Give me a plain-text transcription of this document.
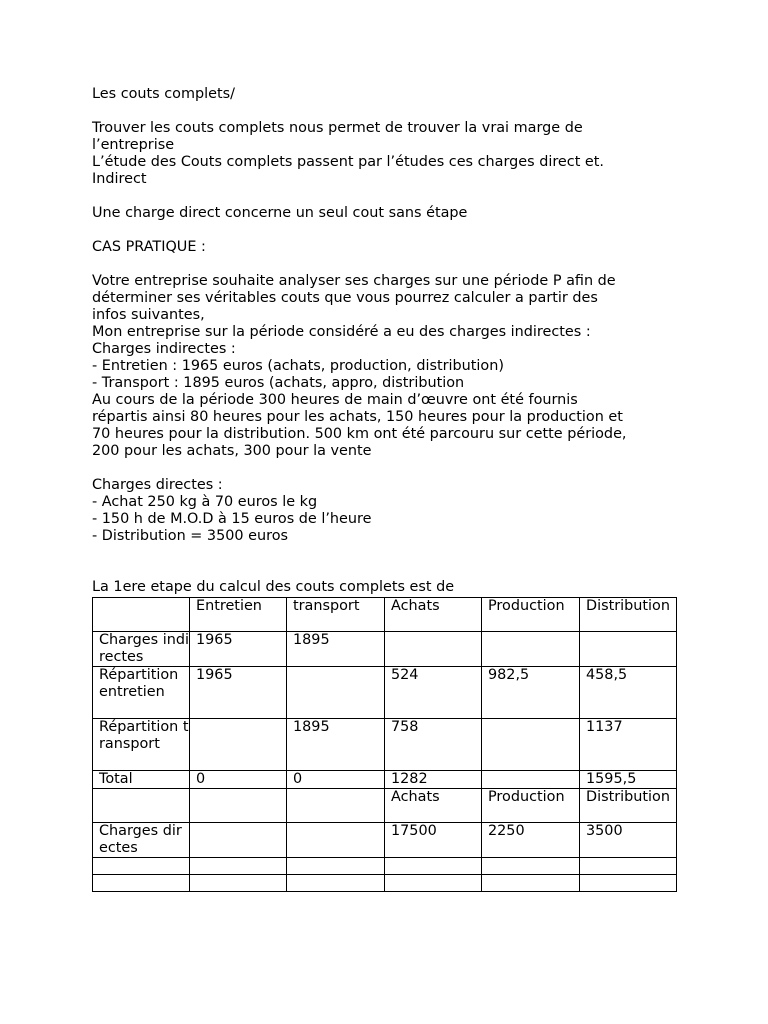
Les couts complets/
Trouver les couts complets nous permet de trouver la vrai marge de
l’entreprise
L’étude des Couts complets passent par l’études ces charges direct et.
Indirect
Une charge direct concerne un seul cout sans étape
CAS PRATIQUE :
Votre entreprise souhaite analyser ses charges sur une période P afin de
déterminer ses véritables couts que vous pourrez calculer a partir des
infos suivantes,
Mon entreprise sur la période considéré a eu des charges indirectes :
Charges indirectes :
- Entretien : 1965 euros (achats, production, distribution)
- Transport : 1895 euros (achats, appro, distribution
Au cours de la période 300 heures de main d’œuvre ont été fournis
répartis ainsi 80 heures pour les achats, 150 heures pour la production et
70 heures pour la distribution. 500 km ont été parcouru sur cette période,
200 pour les achats, 300 pour la vente
Charges directes :
- Achat 250 kg à 70 euros le kg
- 150 h de M.O.D à 15 euros de l’heure
- Distribution = 3500 euros
La 1ere etape du calcul des couts complets est de
	Entretien	transport	Achats	Production	Distribution
Charges indirectes	1965	1895			
Répartition entretien	1965		524	982,5	458,5
Répartition transport		1895	758		1137
Total	0	0	1282		1595,5
			Achats	Production	Distribution
Charges directes			17500	2250	3500
